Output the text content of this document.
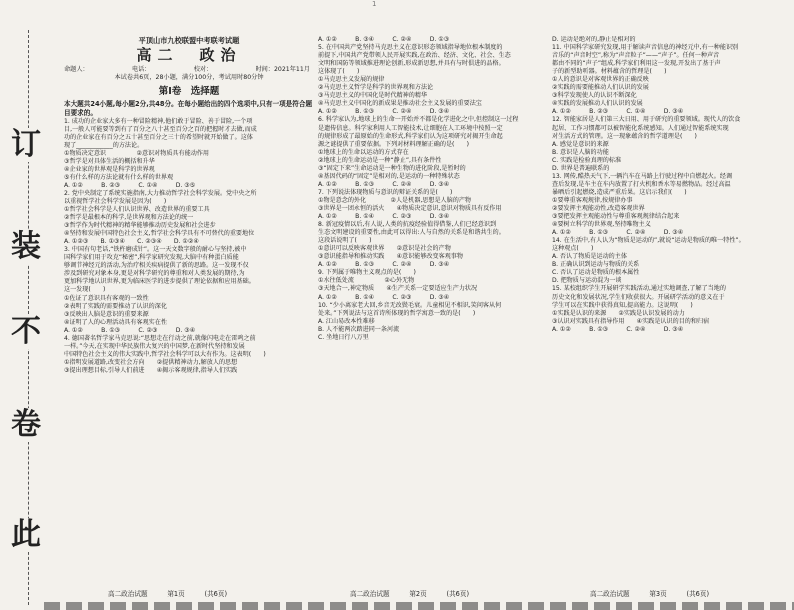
1
订
装
不
卷
此
平顶山市九校联盟中考联考试题
高二　政治
命题人：	电话：	校对：	时间：2021年11月
本试卷共6页，28小题，满分100分，考试用时80分钟
第Ⅰ卷　选择题
本大题共24小题,每小题2分,共48分。在每小题给出的四个选项中,只有一项是符合题目要求的。

1. 成功的企业家大多有一种冒险精神,他们敢于冒险、善于冒险,一个项

目,一般人可能要等到有了百分之八十甚至百分之百的把握时才去做,而成

功的企业家在有百分之五十甚至百分之三十的希望时就开始做了。这体

现了____________的方法论。

①物质决定意识　　　　　②意识对物质具有能动作用

③哲学是对具体生活的概括和升华

④企业家的世界观是科学的世界观

⑤有什么样的方法论就有什么样的世界观

A. ①②　　　B. ②③　　　C. ①④　　　D. ③⑤

2. 党中央制定了系统实施指南,大力推动哲学社会科学发展。党中央之所

以重视哲学社会科学发展是因为(　　)

①哲学社会科学是人们认识世界、改造世界的重要工具

②哲学是最根本的科学,是世界观和方法论的统一

③哲学作为时代精神的精华能够推动历史发展和社会进步

④坚持和发展中国特色社会主义,哲学社会科学具有不可替代的重要地位

A. ①②③　　B. ①③④　　C. ②③④　　D. ①②④

3. 中国有句老话,“铁杵磨成针”。这一天文数字般的耐心与坚持,被中

国科学家们用于攻克“秘密”,科学家研究发现,大脑中有种蛋白质能

够调节神经元的活动,为治疗相关疾病提供了新的思路。这一发现不仅

涉及到研究对象本身,更是对科学研究的尊重和对人类发展的期待,为

更加科学地认识世界,更为临床医学的进步提供了理论依据和应用基础。

这一发现(　　)

①佐证了意识具有客观的一致性

②表明了实践的需要推动了认识的深化

③反映出人脑是意识的重要来源

④证明了人的心理活动具有客观实在性

A. ①②　　　B. ①③　　　C. ②③　　　D. ③④

4. 德国著名哲学家马克思说:“思想走在行动之前,就像闪电走在雷鸣之前

一样。”今天,在实现中华民族伟大复兴的中国梦,在新时代坚持和发展

中国特色社会主义的伟大实践中,哲学社会科学可以大有作为。这表明(　　)

①指明发展道路,改变社会方向　　②提供精神动力,解放人的思想

③提出理想目标,引导人们前进　　④揭示客观规律,指导人们实践

A. ①②　　　B. ③④　　　C. ②④　　　D. ①③

5. 在中国共产党坚持马克思主义在意识形态领域指导地位根本制度的

前提下,中国共产党带领人民开展实践,在政治、经济、文化、社会、生态

文明和国防等领域推进理论创新,形成新思想,并具有与时俱进的品格。

这体现了(　　)

①马克思主义发展的规律

②马克思主义哲学是科学的世界观和方法论

③马克思主义的中国化是时代精神的精华

④马克思主义中国化的新成果是推动社会主义发展的重要法宝

A. ①②　　　B. ①③　　　C. ②④　　　D. ③④

6. 科学家认为,地球上的生命一开始并不都是化学进化之中,但控制这一过程

是遗传信息。科学家利用人工智能技术,让细胞在人工环境中按照一定

的规律形成了最原始的生命形式,科学家们认为这项研究对揭开生命起

源之谜提供了重要依据。下列对材料理解正确的是(　　)

①地球上的生命以运动的方式存在

②地球上的生命运动是一种“静止”,具有条件性

③“固定下来”生命运动是一种生物的进化阶段,是暂时的

④基因代码的“固定”是相对的,是运动的一种特殊状态

A. ①②　　　B. ①③　　　C. ②④　　　D. ③④

7. 下列说法体现物质与意识的辩证关系的是(　　)

①物是意念的外化　　　　②人是机器,思想是人脑的产物

③世界是一团永恒的活火　　④物质决定意识,意识对物质具有反作用

A. ①②　　　B. ①④　　　C. ②③　　　D. ③④

8. 新冠疫情以后,有人说,人类的抗疫经验值得借鉴,人们已经意识到

生态文明建设的重要性,由此可以得出:人与自然的关系是和谐共生的。

这段话说明了(　　)

①意识可以反映客观世界　　②意识是社会的产物

③意识能指导和推动实践　　④意识能够改变客观事物

A. ①②　　　B. ①③　　　C. ②④　　　D. ③④

9. 下列属于唯物主义观点的是(　　)

①水往低处流　　　　　②心外无物

③天地合一,神定物质　　④生产关系一定要适应生产力状况

A. ①②　　　B. ①④　　　C. ②③　　　D. ③④

10. “少小离家老大回,乡音无改鬓毛衰。儿童相见不相识,笑问客从何

处来。”下列说法与这首诗所体现的哲学寓意一致的是(　　)

A. 江山易改本性难移

B. 人不能两次踏进同一条河流

C. 坐地日行八万里

D. 运动是绝对的,静止是相对的

11. 中国科学家研究发现,用于解读声音信息的神经元中,有一种能识别

音乐的“声音时空”,称为“声音粒子”——“声子”。任何一种声音

都由不同的“声子”组成,科学家们利用这一发现,开发出了基于声

子的新型助听器。材料蕴含的哲理是(　　)

①人的意识是对客观世界的正确反映

②实践的需要能推动人们认识的发展

③科学发现使人的认识不断深化

④实践的发展推动人们认识的发展

A. ①②　　　B. ②③　　　C. ①④　　　D. ③④

12. 智能家居是人们第三大日用、用于研究的重要领域。现代人的饮食

起居、工作习惯都可以被智能化系统感知。人们通过智能系统实现

对生活方式的管理。这一现象蕴含的哲学道理是(　　)

A. 感觉是意识的来源

B. 意识是人脑的功能

C. 实践是检验真理的标准

D. 世界是普遍联系的

13. 网传,酷热天气下,一辆汽车在马路上行驶过程中自燃起火。经调

查后发现,是车主在车内放置了打火机和香水等易燃物品。经过高温

暴晒后引起燃烧,造成严重后果。这启示我们(　　)

①要尊重客观规律,按规律办事

②要发挥主观能动性,改造客观世界

③要把发挥主观能动性与尊重客观规律结合起来

④要树立科学的世界观,坚持唯物主义

A. ①②　　　B. ①③　　　C. ②④　　　D. ③④

14. 在生活中,有人认为“物质是运动的”,就说“运动是物质的唯一特性”。

这种观点(　　)

A. 否认了物质是运动的主体

B. 正确认识到运动与物质的关系

C. 否认了运动是物质的根本属性

D. 把物质与运动混为一谈

15. 某校组织学生开展研学实践活动,通过实地调查,了解了当地的

历史文化和发展状况,学生们收获很大。开展研学活动的意义在于

学生可以在实践中获得真知,提高能力。这说明(　　)

①实践是认识的来源　　②实践是认识发展的动力

③认识对实践具有指导作用　　④实践是认识的目的和归宿

A. ①②　　　B. ①③　　　C. ②④　　　D. ③④

高二政治试题　　　第1页　　　(共6页)	高二政治试题　　　第2页　　　(共6页)	高二政治试题　　　第3页　　　(共6页)
